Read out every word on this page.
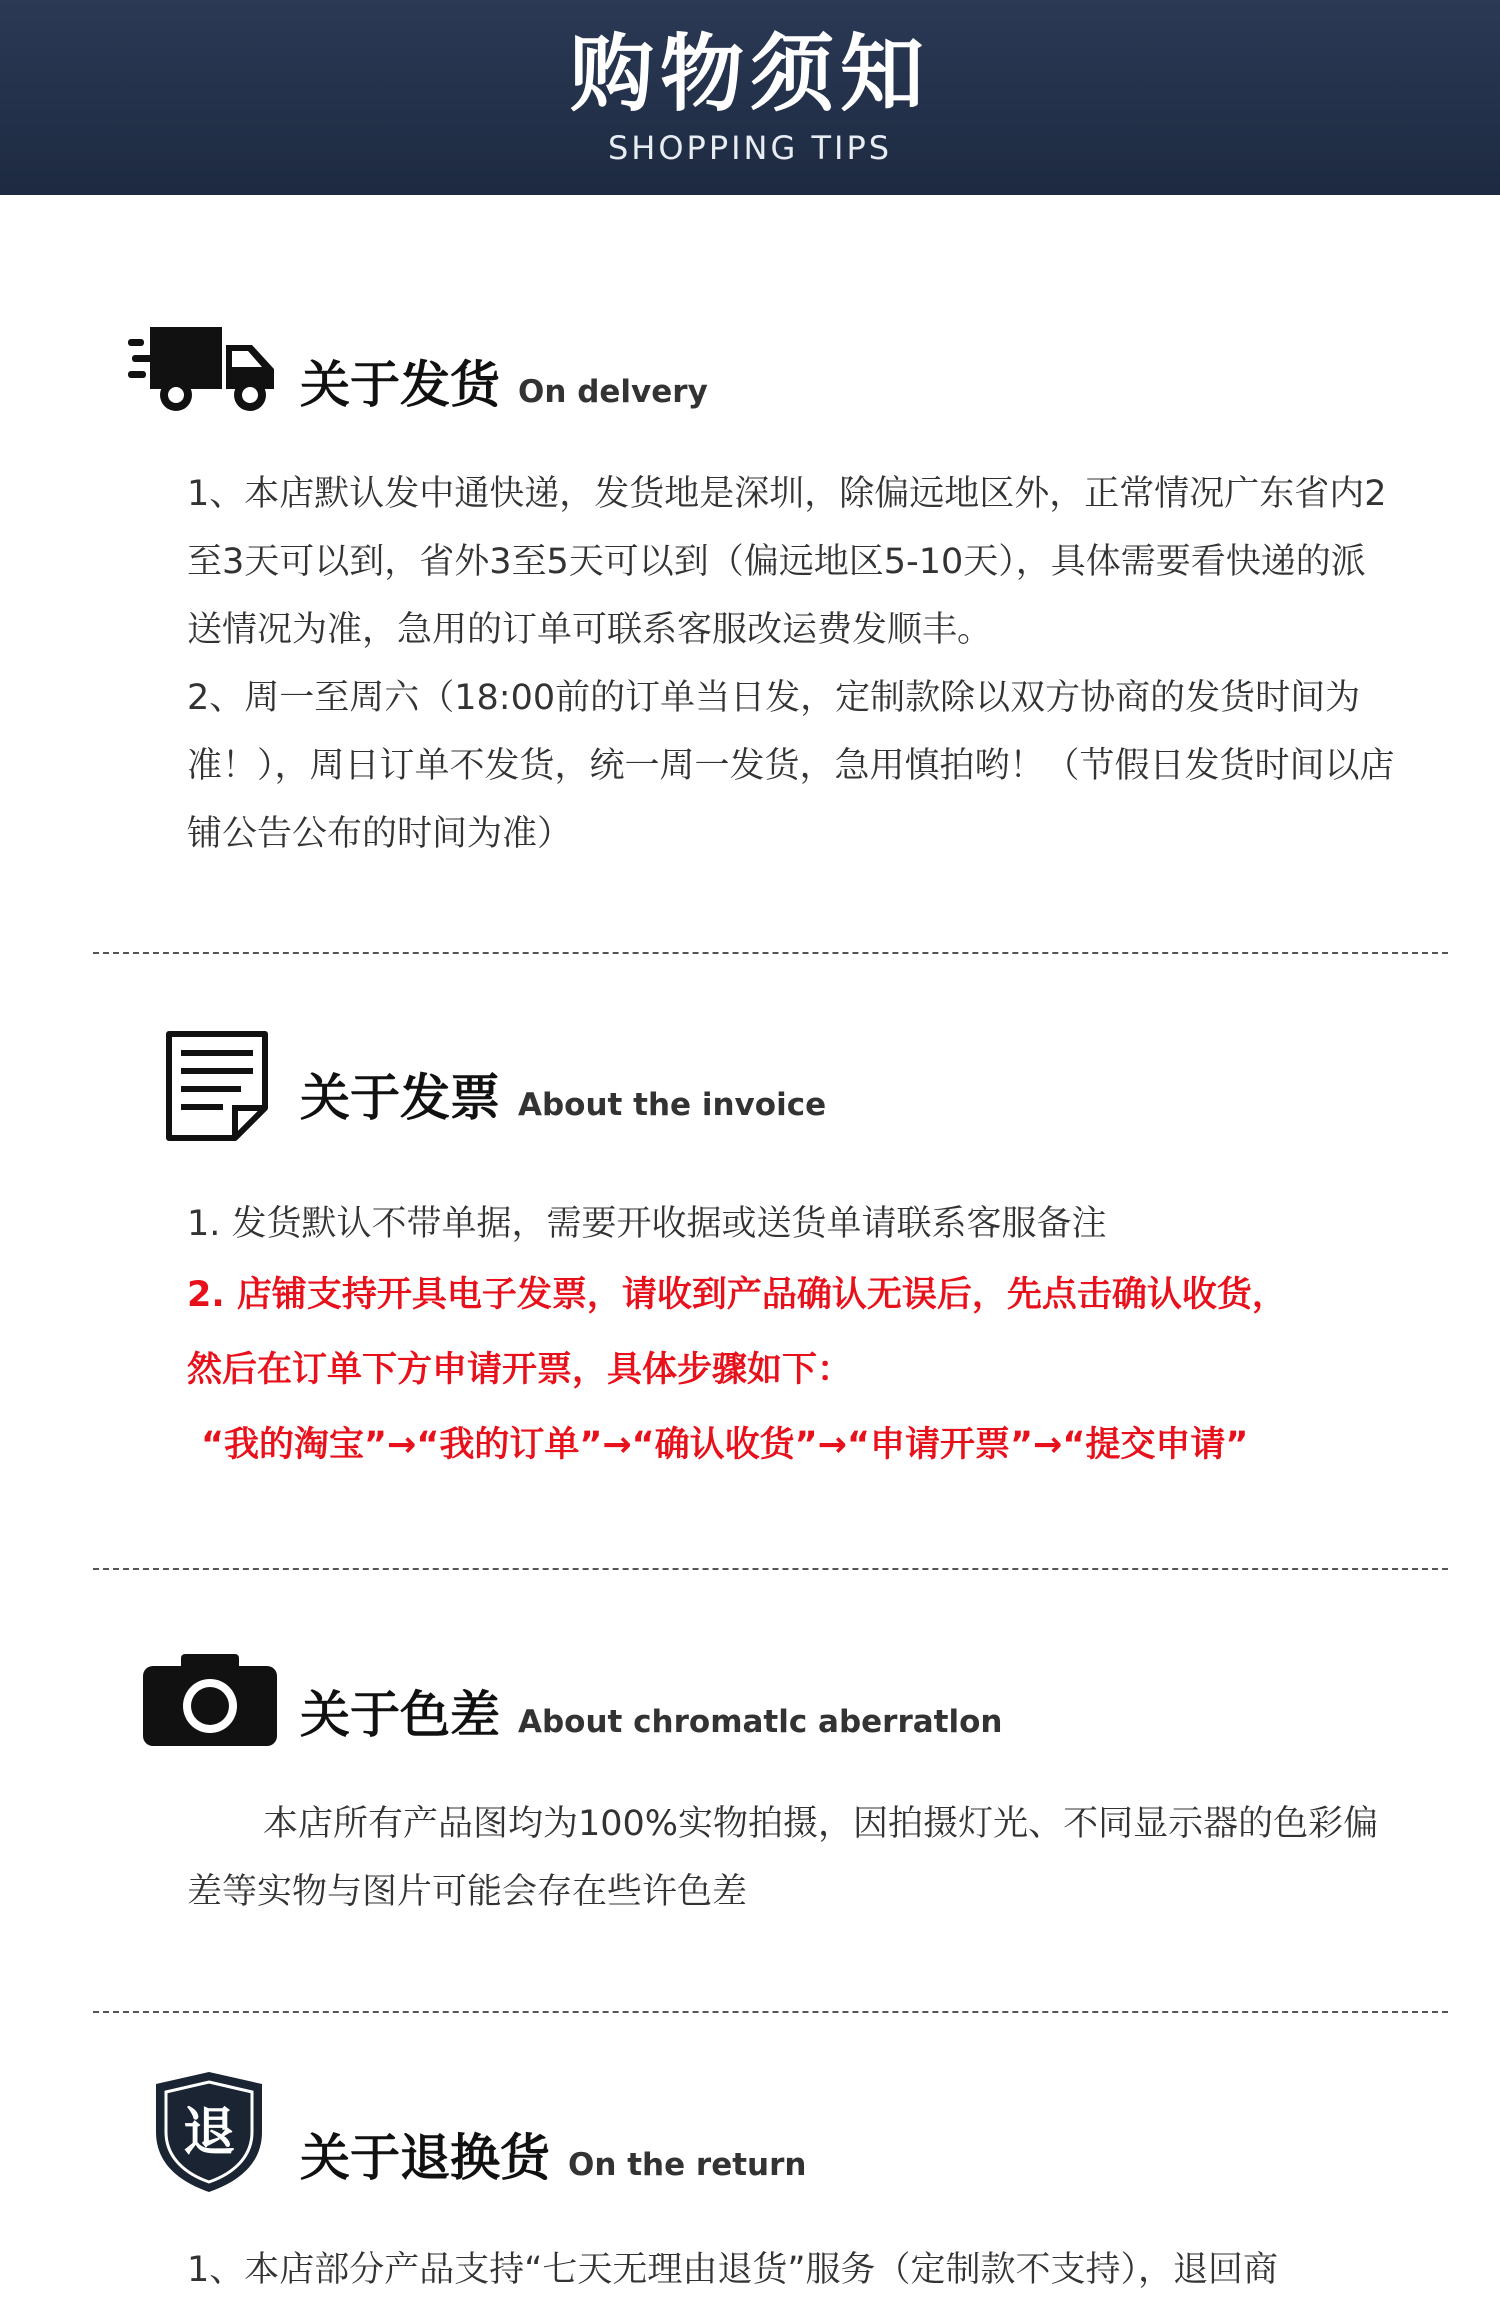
购物须知
SHOPPING TIPS
关于发货 On delvery

1、本店默认发中通快递，发货地是深圳，除偏远地区外，正常情况广东省内2至3天可以到，省外3至5天可以到（偏远地区5-10天），具体需要看快递的派送情况为准，急用的订单可联系客服改运费发顺丰。

2、周一至周六（18:00前的订单当日发，定制款除以双方协商的发货时间为准！），周日订单不发货，统一周一发货，急用慎拍哟！（节假日发货时间以店铺公告公布的时间为准）

关于发票 About the invoice

1. 发货默认不带单据，需要开收据或送货单请联系客服备注

2. 店铺支持开具电子发票，请收到产品确认无误后，先点击确认收货，

然后在订单下方申请开票，具体步骤如下：

“我的淘宝”→“我的订单”→“确认收货”→“申请开票”→“提交申请”

关于色差 About chromatlc aberratlon

本店所有产品图均为100%实物拍摄，因拍摄灯光、不同显示器的色彩偏差等实物与图片可能会存在些许色差

退 关于退换货 On the return

1、本店部分产品支持“七天无理由退货”服务（定制款不支持），退回商
